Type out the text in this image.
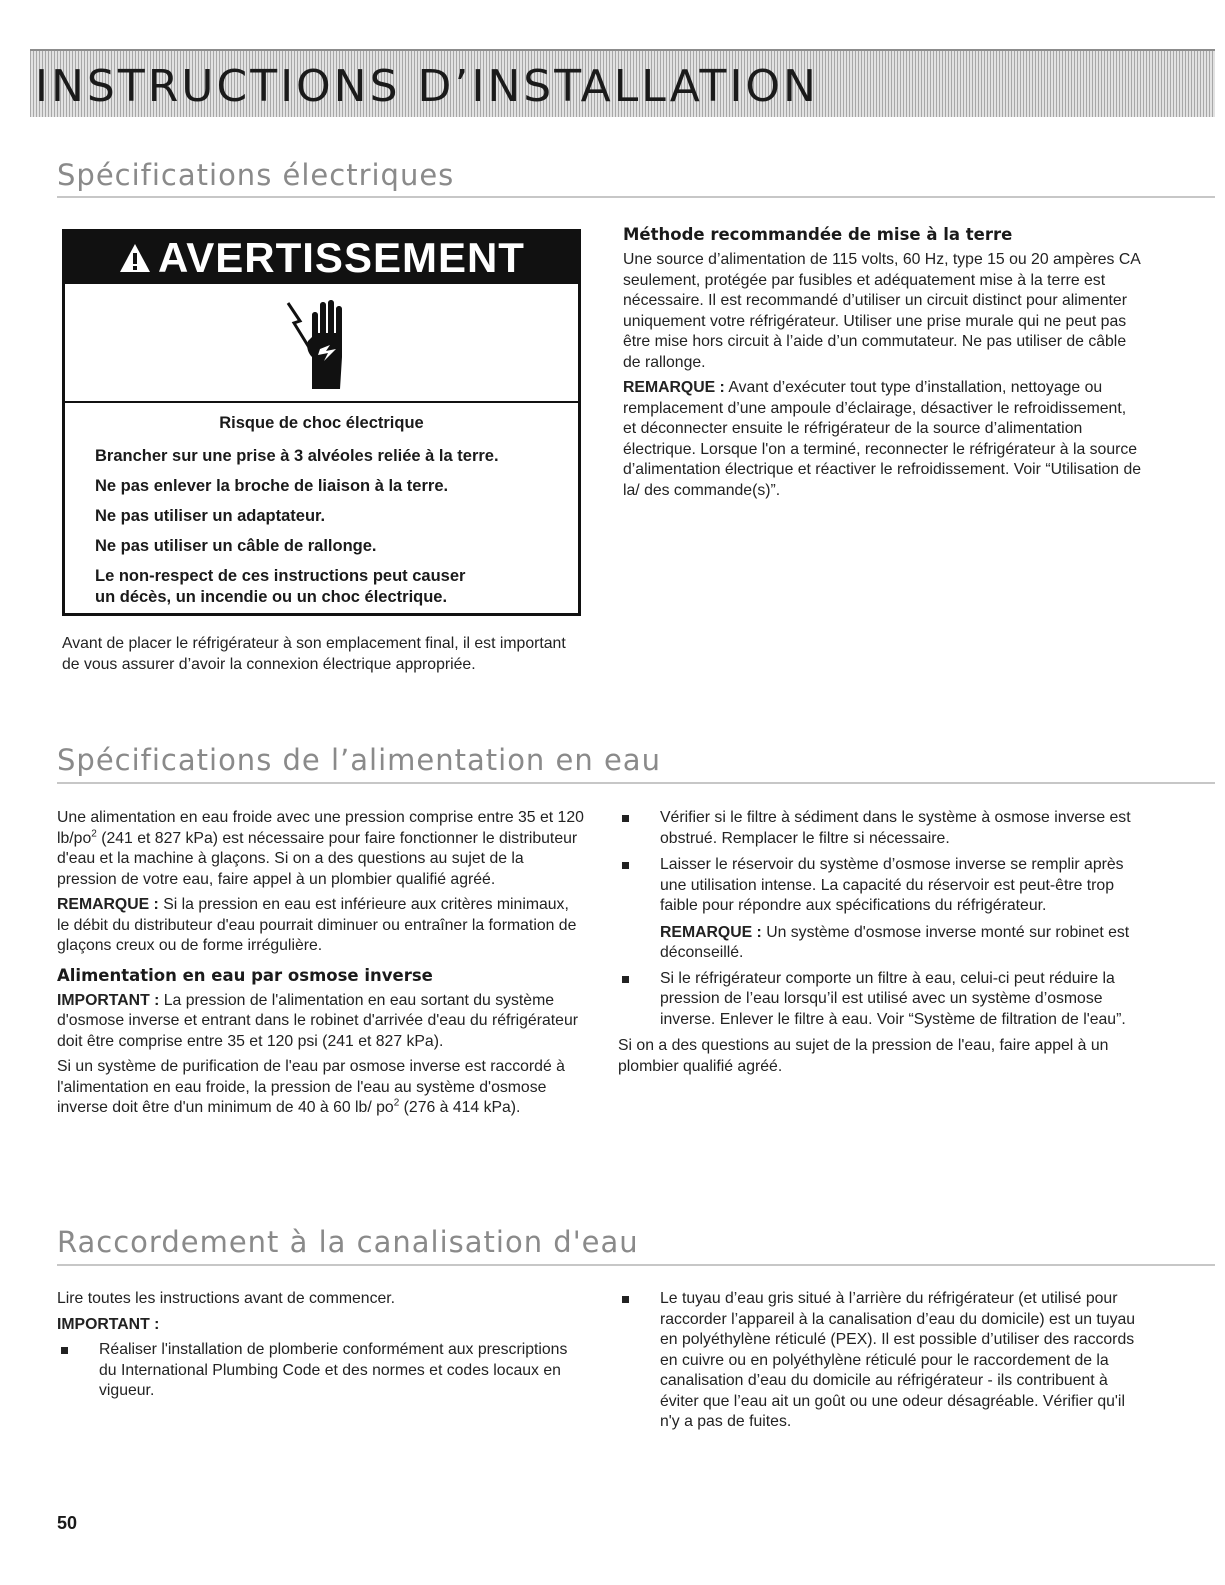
INSTRUCTIONS D’INSTALLATION
Spécifications électriques
AVERTISSEMENT

Risque de choc électrique

Brancher sur une prise à 3 alvéoles reliée à la terre.

Ne pas enlever la broche de liaison à la terre.

Ne pas utiliser un adaptateur.

Ne pas utiliser un câble de rallonge.

Le non-respect de ces instructions peut causer
un décès, un incendie ou un choc électrique.

Avant de placer le réfrigérateur à son emplacement final, il est important de vous assurer d’avoir la connexion électrique appropriée.

Méthode recommandée de mise à la terre

Une source d’alimentation de 115 volts, 60 Hz, type 15 ou 20 ampères CA seulement, protégée par fusibles et adéquatement mise à la terre est nécessaire. Il est recommandé d’utiliser un circuit distinct pour alimenter uniquement votre réfrigérateur. Utiliser une prise murale qui ne peut pas être mise hors circuit à l’aide d’un commutateur. Ne pas utiliser de câble de rallonge.

REMARQUE : Avant d’exécuter tout type d’installation, nettoyage ou remplacement d’une ampoule d’éclairage, désactiver le refroidissement, et déconnecter ensuite le réfrigérateur de la source d’alimentation électrique. Lorsque l'on a terminé, reconnecter le réfrigérateur à la source d’alimentation électrique et réactiver le refroidissement. Voir “Utilisation de la/ des commande(s)”.

Spécifications de l’alimentation en eau

Une alimentation en eau froide avec une pression comprise entre 35 et 120 $lb/po^2$ (241 et 827 kPa) est nécessaire pour faire fonctionner le distributeur d'eau et la machine à glaçons. Si on a des questions au sujet de la pression de votre eau, faire appel à un plombier qualifié agréé.

REMARQUE : Si la pression en eau est inférieure aux critères minimaux, le débit du distributeur d'eau pourrait diminuer ou entraîner la formation de glaçons creux ou de forme irrégulière.

Alimentation en eau par osmose inverse

IMPORTANT : La pression de l'alimentation en eau sortant du système d'osmose inverse et entrant dans le robinet d'arrivée d'eau du réfrigérateur doit être comprise entre 35 et 120 psi (241 et 827 kPa).

Si un système de purification de l'eau par osmose inverse est raccordé à l'alimentation en eau froide, la pression de l'eau au système d'osmose inverse doit être d'un minimum de 40 à 60 lb/ $po^2$ (276 à 414 kPa).

Vérifier si le filtre à sédiment dans le système à osmose inverse est obstrué. Remplacer le filtre si nécessaire.
Laisser le réservoir du système d’osmose inverse se remplir après une utilisation intense. La capacité du réservoir est peut-être trop faible pour répondre aux spécifications du réfrigérateur.

REMARQUE : Un système d'osmose inverse monté sur robinet est déconseillé.

Si le réfrigérateur comporte un filtre à eau, celui-ci peut réduire la pression de l’eau lorsqu’il est utilisé avec un système d’osmose inverse. Enlever le filtre à eau. Voir “Système de filtration de l'eau”.

Si on a des questions au sujet de la pression de l'eau, faire appel à un plombier qualifié agréé.

Raccordement à la canalisation d'eau

Lire toutes les instructions avant de commencer.

IMPORTANT :

Réaliser l'installation de plomberie conformément aux prescriptions du International Plumbing Code et des normes et codes locaux en vigueur.
Le tuyau d’eau gris situé à l’arrière du réfrigérateur (et utilisé pour raccorder l’appareil à la canalisation d’eau du domicile) est un tuyau en polyéthylène réticulé (PEX). Il est possible d’utiliser des raccords en cuivre ou en polyéthylène réticulé pour le raccordement de la canalisation d’eau du domicile au réfrigérateur - ils contribuent à éviter que l’eau ait un goût ou une odeur désagréable. Vérifier qu'il n'y a pas de fuites.
50
